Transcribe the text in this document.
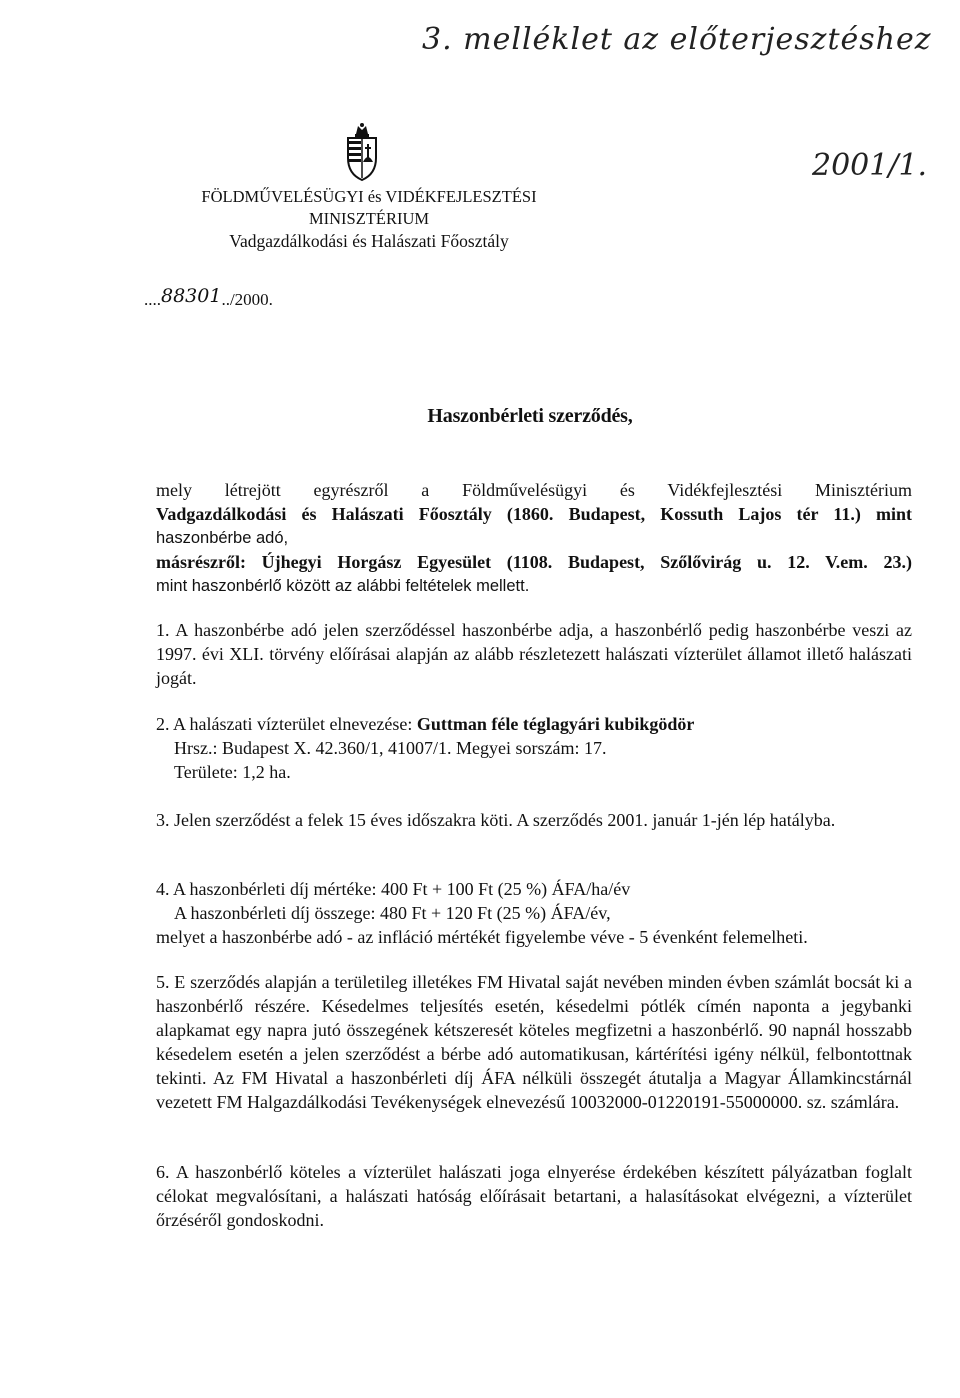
3. melléklet az előterjesztéshez
2001/1.
FÖLDMŰVELÉSÜGYI és VIDÉKFEJLESZTÉSI
MINISZTÉRIUM
Vadgazdálkodási és Halászati Főosztály
....88301../2000.
Haszonbérleti szerződés,

mely létrejött egyrészről a Földművelésügyi és Vidékfejlesztési Minisztérium

Vadgazdálkodási és Halászati Főosztály (1860. Budapest, Kossuth Lajos tér 11.) mint

haszonbérbe adó,

másrészről: Újhegyi Horgász Egyesület (1108. Budapest, Szőlővirág u. 12. V.em. 23.)

mint haszonbérlő között az alábbi feltételek mellett.

1. A haszonbérbe adó jelen szerződéssel haszonbérbe adja, a haszonbérlő pedig haszonbérbe veszi az 1997. évi XLI. törvény előírásai alapján az alább részletezett halászati vízterület államot illető halászati jogát.

2. A halászati vízterület elnevezése: Guttman féle téglagyári kubikgödör

Hrsz.: Budapest X. 42.360/1, 41007/1. Megyei sorszám: 17.

Területe: 1,2 ha.

3. Jelen szerződést a felek 15 éves időszakra köti. A szerződés 2001. január 1-jén lép hatályba.

4. A haszonbérleti díj mértéke: 400 Ft + 100 Ft (25 %) ÁFA/ha/év

A haszonbérleti díj összege: 480 Ft + 120 Ft (25 %) ÁFA/év,

melyet a haszonbérbe adó - az infláció mértékét figyelembe véve - 5 évenként felemelheti.

5. E szerződés alapján a területileg illetékes FM Hivatal saját nevében minden évben számlát bocsát ki a haszonbérlő részére. Késedelmes teljesítés esetén, késedelmi pótlék címén naponta a jegybanki alapkamat egy napra jutó összegének kétszeresét köteles megfizetni a haszonbérlő. 90 napnál hosszabb késedelem esetén a jelen szerződést a bérbe adó automatikusan, kártérítési igény nélkül, felbontottnak tekinti. Az FM Hivatal a haszonbérleti díj ÁFA nélküli összegét átutalja a Magyar Államkincstárnál vezetett FM Halgazdálkodási Tevékenységek elnevezésű 10032000-01220191-55000000. sz. számlára.
6. A haszonbérlő köteles a vízterület halászati joga elnyerése érdekében készített pályázatban foglalt célokat megvalósítani, a halászati hatóság előírásait betartani, a halasításokat elvégezni, a vízterület őrzéséről gondoskodni.
